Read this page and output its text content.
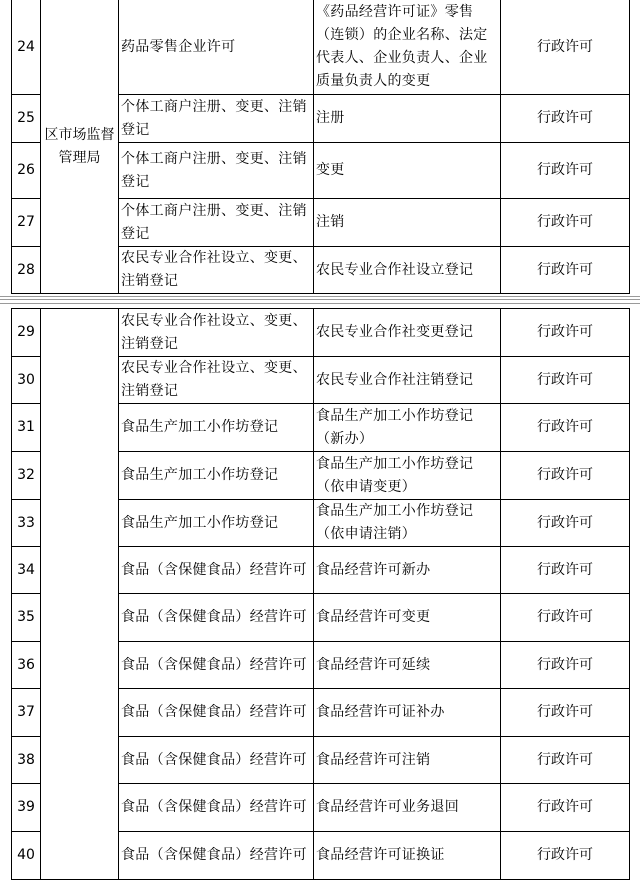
24	区市场监督管理局	药品零售企业许可	《药品经营许可证》零售（连锁）的企业名称、法定代表人、企业负责人、企业质量负责人的变更	行政许可
25		个体工商户注册、变更、注销登记	注册	行政许可
26		个体工商户注册、变更、注销登记	变更	行政许可
27		个体工商户注册、变更、注销登记	注销	行政许可
28		农民专业合作社设立、变更、注销登记	农民专业合作社设立登记	行政许可
29		农民专业合作社设立、变更、注销登记	农民专业合作社变更登记	行政许可
30		农民专业合作社设立、变更、注销登记	农民专业合作社注销登记	行政许可
31		食品生产加工小作坊登记	食品生产加工小作坊登记（新办）	行政许可
32		食品生产加工小作坊登记	食品生产加工小作坊登记（依申请变更）	行政许可
33		食品生产加工小作坊登记	食品生产加工小作坊登记（依申请注销）	行政许可
34		食品（含保健食品）经营许可	食品经营许可新办	行政许可
35		食品（含保健食品）经营许可	食品经营许可变更	行政许可
36		食品（含保健食品）经营许可	食品经营许可延续	行政许可
37		食品（含保健食品）经营许可	食品经营许可证补办	行政许可
38		食品（含保健食品）经营许可	食品经营许可注销	行政许可
39		食品（含保健食品）经营许可	食品经营许可业务退回	行政许可
40		食品（含保健食品）经营许可	食品经营许可证换证	行政许可
